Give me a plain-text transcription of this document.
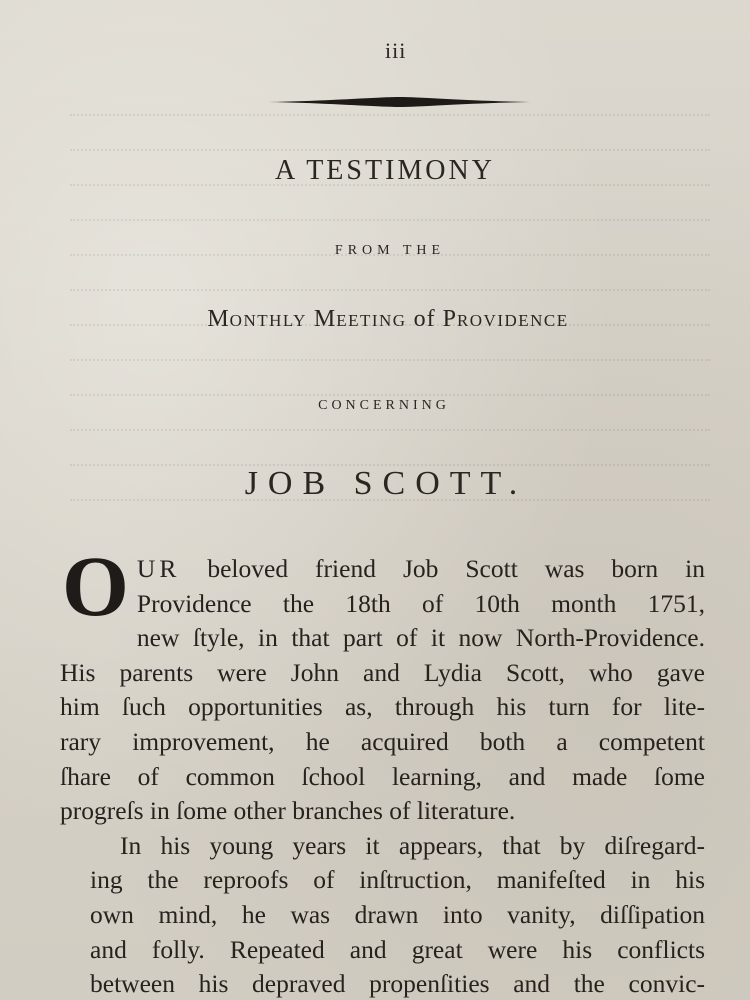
iii
A TESTIMONY
FROM THE
MONTHLY MEETING of PROVIDENCE
CONCERNING
JOB SCOTT.
O UR beloved friend Job Scott was born in
Providence the 18th of 10th month 1751,
new ſtyle, in that part of it now North-Providence.
His parents were John and Lydia Scott, who gave
him ſuch opportunities as, through his turn for lite-
rary improvement, he acquired both a competent
ſhare of common ſchool learning, and made ſome
progreſs in ſome other branches of literature.
In his young years it appears, that by diſregard-
ing the reproofs of inſtruction, manifeſted in his
own mind, he was drawn into vanity, diſſipation
and folly. Repeated and great were his conflicts
between his depraved propenſities and the convic-
